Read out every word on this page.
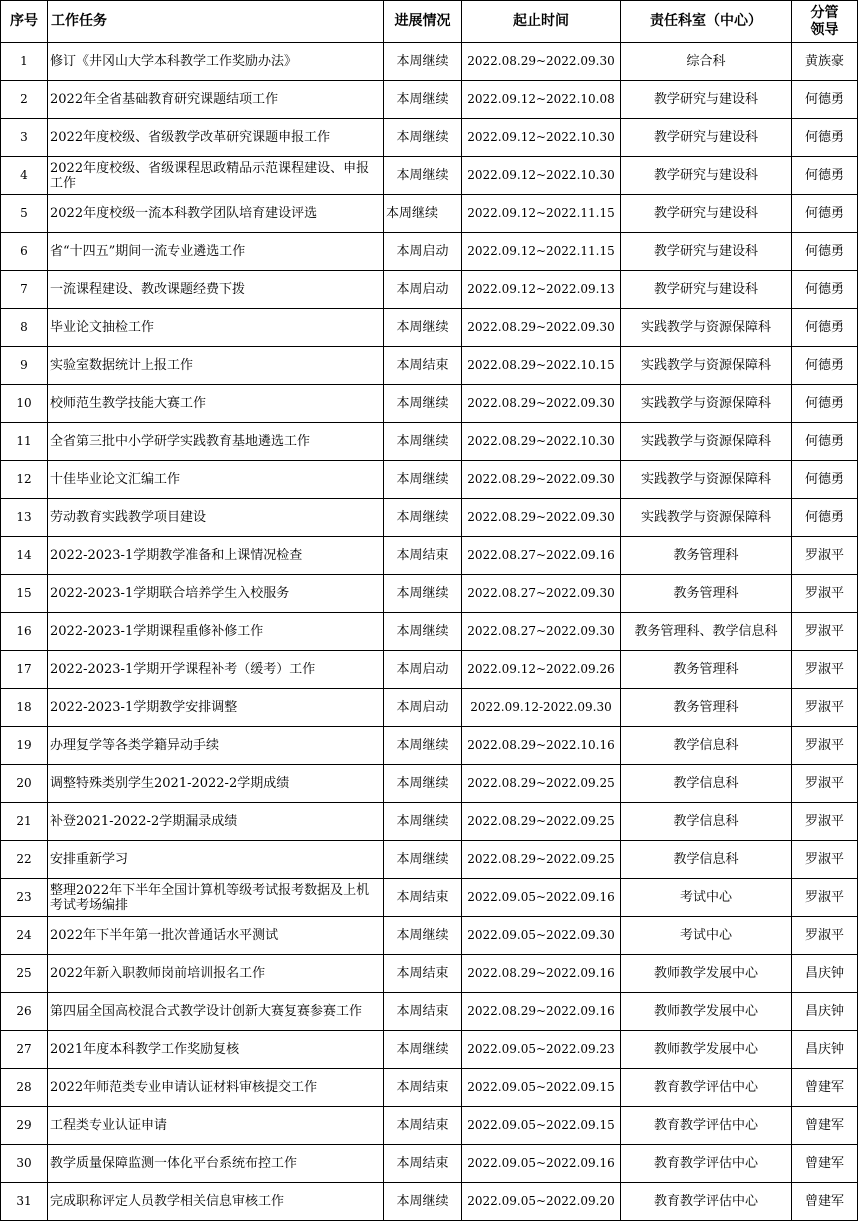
序号	工作任务	进展情况	起止时间	责任科室（中心）	分管
领导
1	修订《井冈山大学本科教学工作奖励办法》	本周继续	2022.08.29~2022.09.30	综合科	黄族豪
2	2022年全省基础教育研究课题结项工作	本周继续	2022.09.12~2022.10.08	教学研究与建设科	何德勇
3	2022年度校级、省级教学改革研究课题申报工作	本周继续	2022.09.12~2022.10.30	教学研究与建设科	何德勇
4	2022年度校级、省级课程思政精品示范课程建设、申报工作	本周继续	2022.09.12~2022.10.30	教学研究与建设科	何德勇
5	2022年度校级一流本科教学团队培育建设评选	本周继续	2022.09.12~2022.11.15	教学研究与建设科	何德勇
6	省“十四五”期间一流专业遴选工作	本周启动	2022.09.12~2022.11.15	教学研究与建设科	何德勇
7	一流课程建设、教改课题经费下拨	本周启动	2022.09.12~2022.09.13	教学研究与建设科	何德勇
8	毕业论文抽检工作	本周继续	2022.08.29~2022.09.30	实践教学与资源保障科	何德勇
9	实验室数据统计上报工作	本周结束	2022.08.29~2022.10.15	实践教学与资源保障科	何德勇
10	校师范生教学技能大赛工作	本周继续	2022.08.29~2022.09.30	实践教学与资源保障科	何德勇
11	全省第三批中小学研学实践教育基地遴选工作	本周继续	2022.08.29~2022.10.30	实践教学与资源保障科	何德勇
12	十佳毕业论文汇编工作	本周继续	2022.08.29~2022.09.30	实践教学与资源保障科	何德勇
13	劳动教育实践教学项目建设	本周继续	2022.08.29~2022.09.30	实践教学与资源保障科	何德勇
14	2022-2023-1学期教学准备和上课情况检查	本周结束	2022.08.27~2022.09.16	教务管理科	罗淑平
15	2022-2023-1学期联合培养学生入校服务	本周继续	2022.08.27~2022.09.30	教务管理科	罗淑平
16	2022-2023-1学期课程重修补修工作	本周继续	2022.08.27~2022.09.30	教务管理科、教学信息科	罗淑平
17	2022-2023-1学期开学课程补考（缓考）工作	本周启动	2022.09.12~2022.09.26	教务管理科	罗淑平
18	2022-2023-1学期教学安排调整	本周启动	2022.09.12-2022.09.30	教务管理科	罗淑平
19	办理复学等各类学籍异动手续	本周继续	2022.08.29~2022.10.16	教学信息科	罗淑平
20	调整特殊类别学生2021-2022-2学期成绩	本周继续	2022.08.29~2022.09.25	教学信息科	罗淑平
21	补登2021-2022-2学期漏录成绩	本周继续	2022.08.29~2022.09.25	教学信息科	罗淑平
22	安排重新学习	本周继续	2022.08.29~2022.09.25	教学信息科	罗淑平
23	整理2022年下半年全国计算机等级考试报考数据及上机考试考场编排	本周结束	2022.09.05~2022.09.16	考试中心	罗淑平
24	2022年下半年第一批次普通话水平测试	本周继续	2022.09.05~2022.09.30	考试中心	罗淑平
25	2022年新入职教师岗前培训报名工作	本周结束	2022.08.29~2022.09.16	教师教学发展中心	昌庆钟
26	第四届全国高校混合式教学设计创新大赛复赛参赛工作	本周结束	2022.08.29~2022.09.16	教师教学发展中心	昌庆钟
27	2021年度本科教学工作奖励复核	本周继续	2022.09.05~2022.09.23	教师教学发展中心	昌庆钟
28	2022年师范类专业申请认证材料审核提交工作	本周结束	2022.09.05~2022.09.15	教育教学评估中心	曾建军
29	工程类专业认证申请	本周结束	2022.09.05~2022.09.15	教育教学评估中心	曾建军
30	教学质量保障监测一体化平台系统布控工作	本周结束	2022.09.05~2022.09.16	教育教学评估中心	曾建军
31	完成职称评定人员教学相关信息审核工作	本周继续	2022.09.05~2022.09.20	教育教学评估中心	曾建军
